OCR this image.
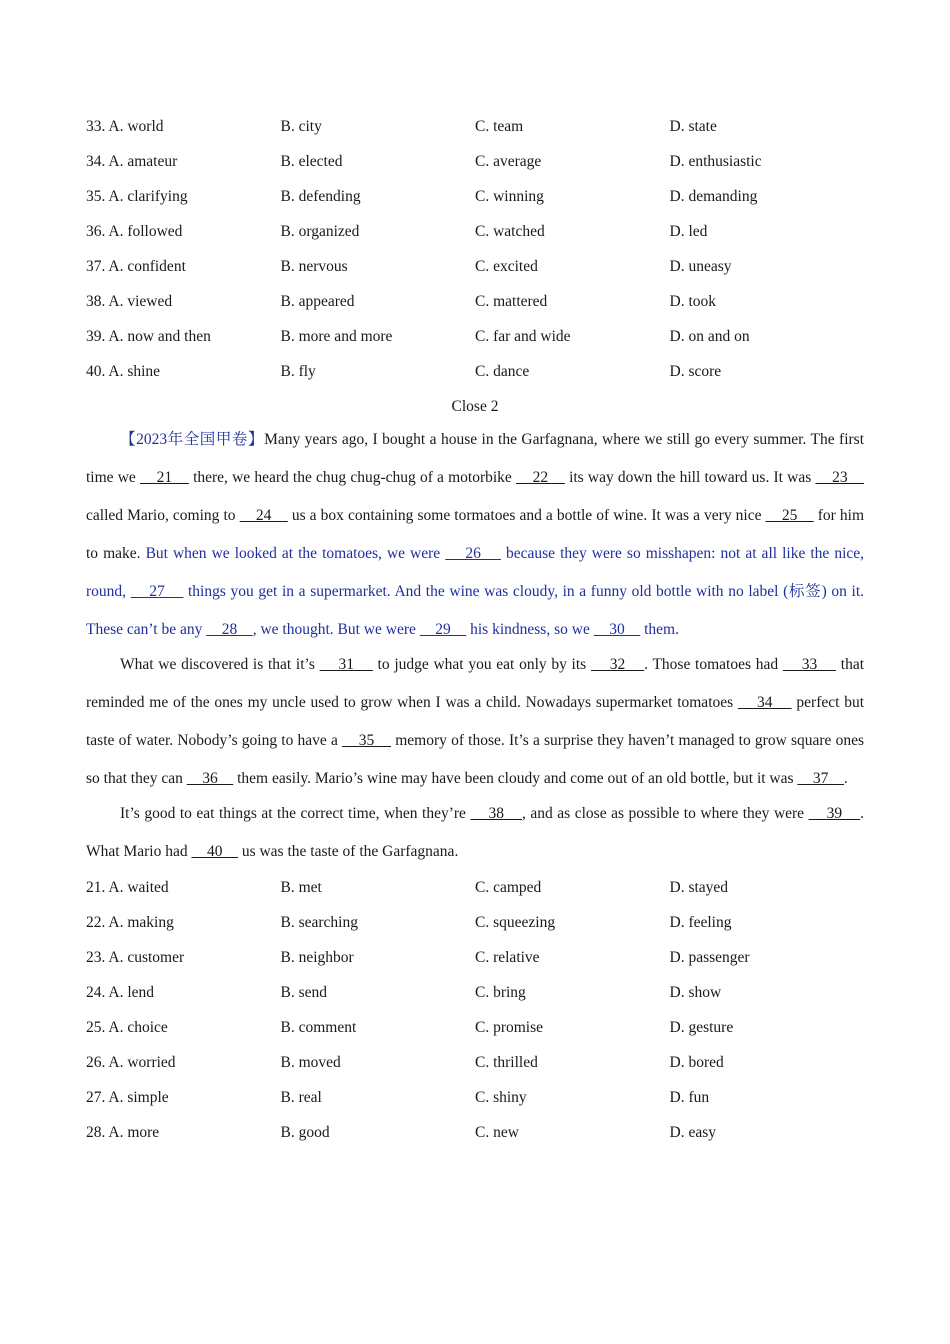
33. A. world	B. city	C. team	D. state
34. A. amateur	B. elected	C. average	D. enthusiastic
35. A. clarifying	B. defending	C. winning	D. demanding
36. A. followed	B. organized	C. watched	D. led
37. A. confident	B. nervous	C. excited	D. uneasy
38. A. viewed	B. appeared	C. mattered	D. took
39. A. now and then	B. more and more	C. far and wide	D. on and on
40. A. shine	B. fly	C. dance	D. score
Close 2

【2023年全国甲卷】Many years ago, I bought a house in the Garfagnana, where we still go every summer. The first time we     21     there, we heard the chug chug-chug of a motorbike     22     its way down the hill toward us. It was     23     called Mario, coming to     24     us a box containing some tormatoes and a bottle of wine. It was a very nice     25     for him to make. But when we looked at the tomatoes, we were     26     because they were so misshapen: not at all like the nice, round,     27     things you get in a supermarket. And the wine was cloudy, in a funny old bottle with no label (标签) on it. These can’t be any     28    , we thought. But we were     29     his kindness, so we     30     them.

What we discovered is that it’s     31     to judge what you eat only by its     32    . Those tomatoes had     33     that reminded me of the ones my uncle used to grow when I was a child. Nowadays supermarket tomatoes     34     perfect but taste of water. Nobody’s going to have a     35     memory of those. It’s a surprise they haven’t managed to grow square ones so that they can     36     them easily. Mario’s wine may have been cloudy and come out of an old bottle, but it was     37    .

It’s good to eat things at the correct time, when they’re     38    , and as close as possible to where they were     39    . What Mario had     40     us was the taste of the Garfagnana.

21. A. waited	B. met	C. camped	D. stayed
22. A. making	B. searching	C. squeezing	D. feeling
23. A. customer	B. neighbor	C. relative	D. passenger
24. A. lend	B. send	C. bring	D. show
25. A. choice	B. comment	C. promise	D. gesture
26. A. worried	B. moved	C. thrilled	D. bored
27. A. simple	B. real	C. shiny	D. fun
28. A. more	B. good	C. new	D. easy
